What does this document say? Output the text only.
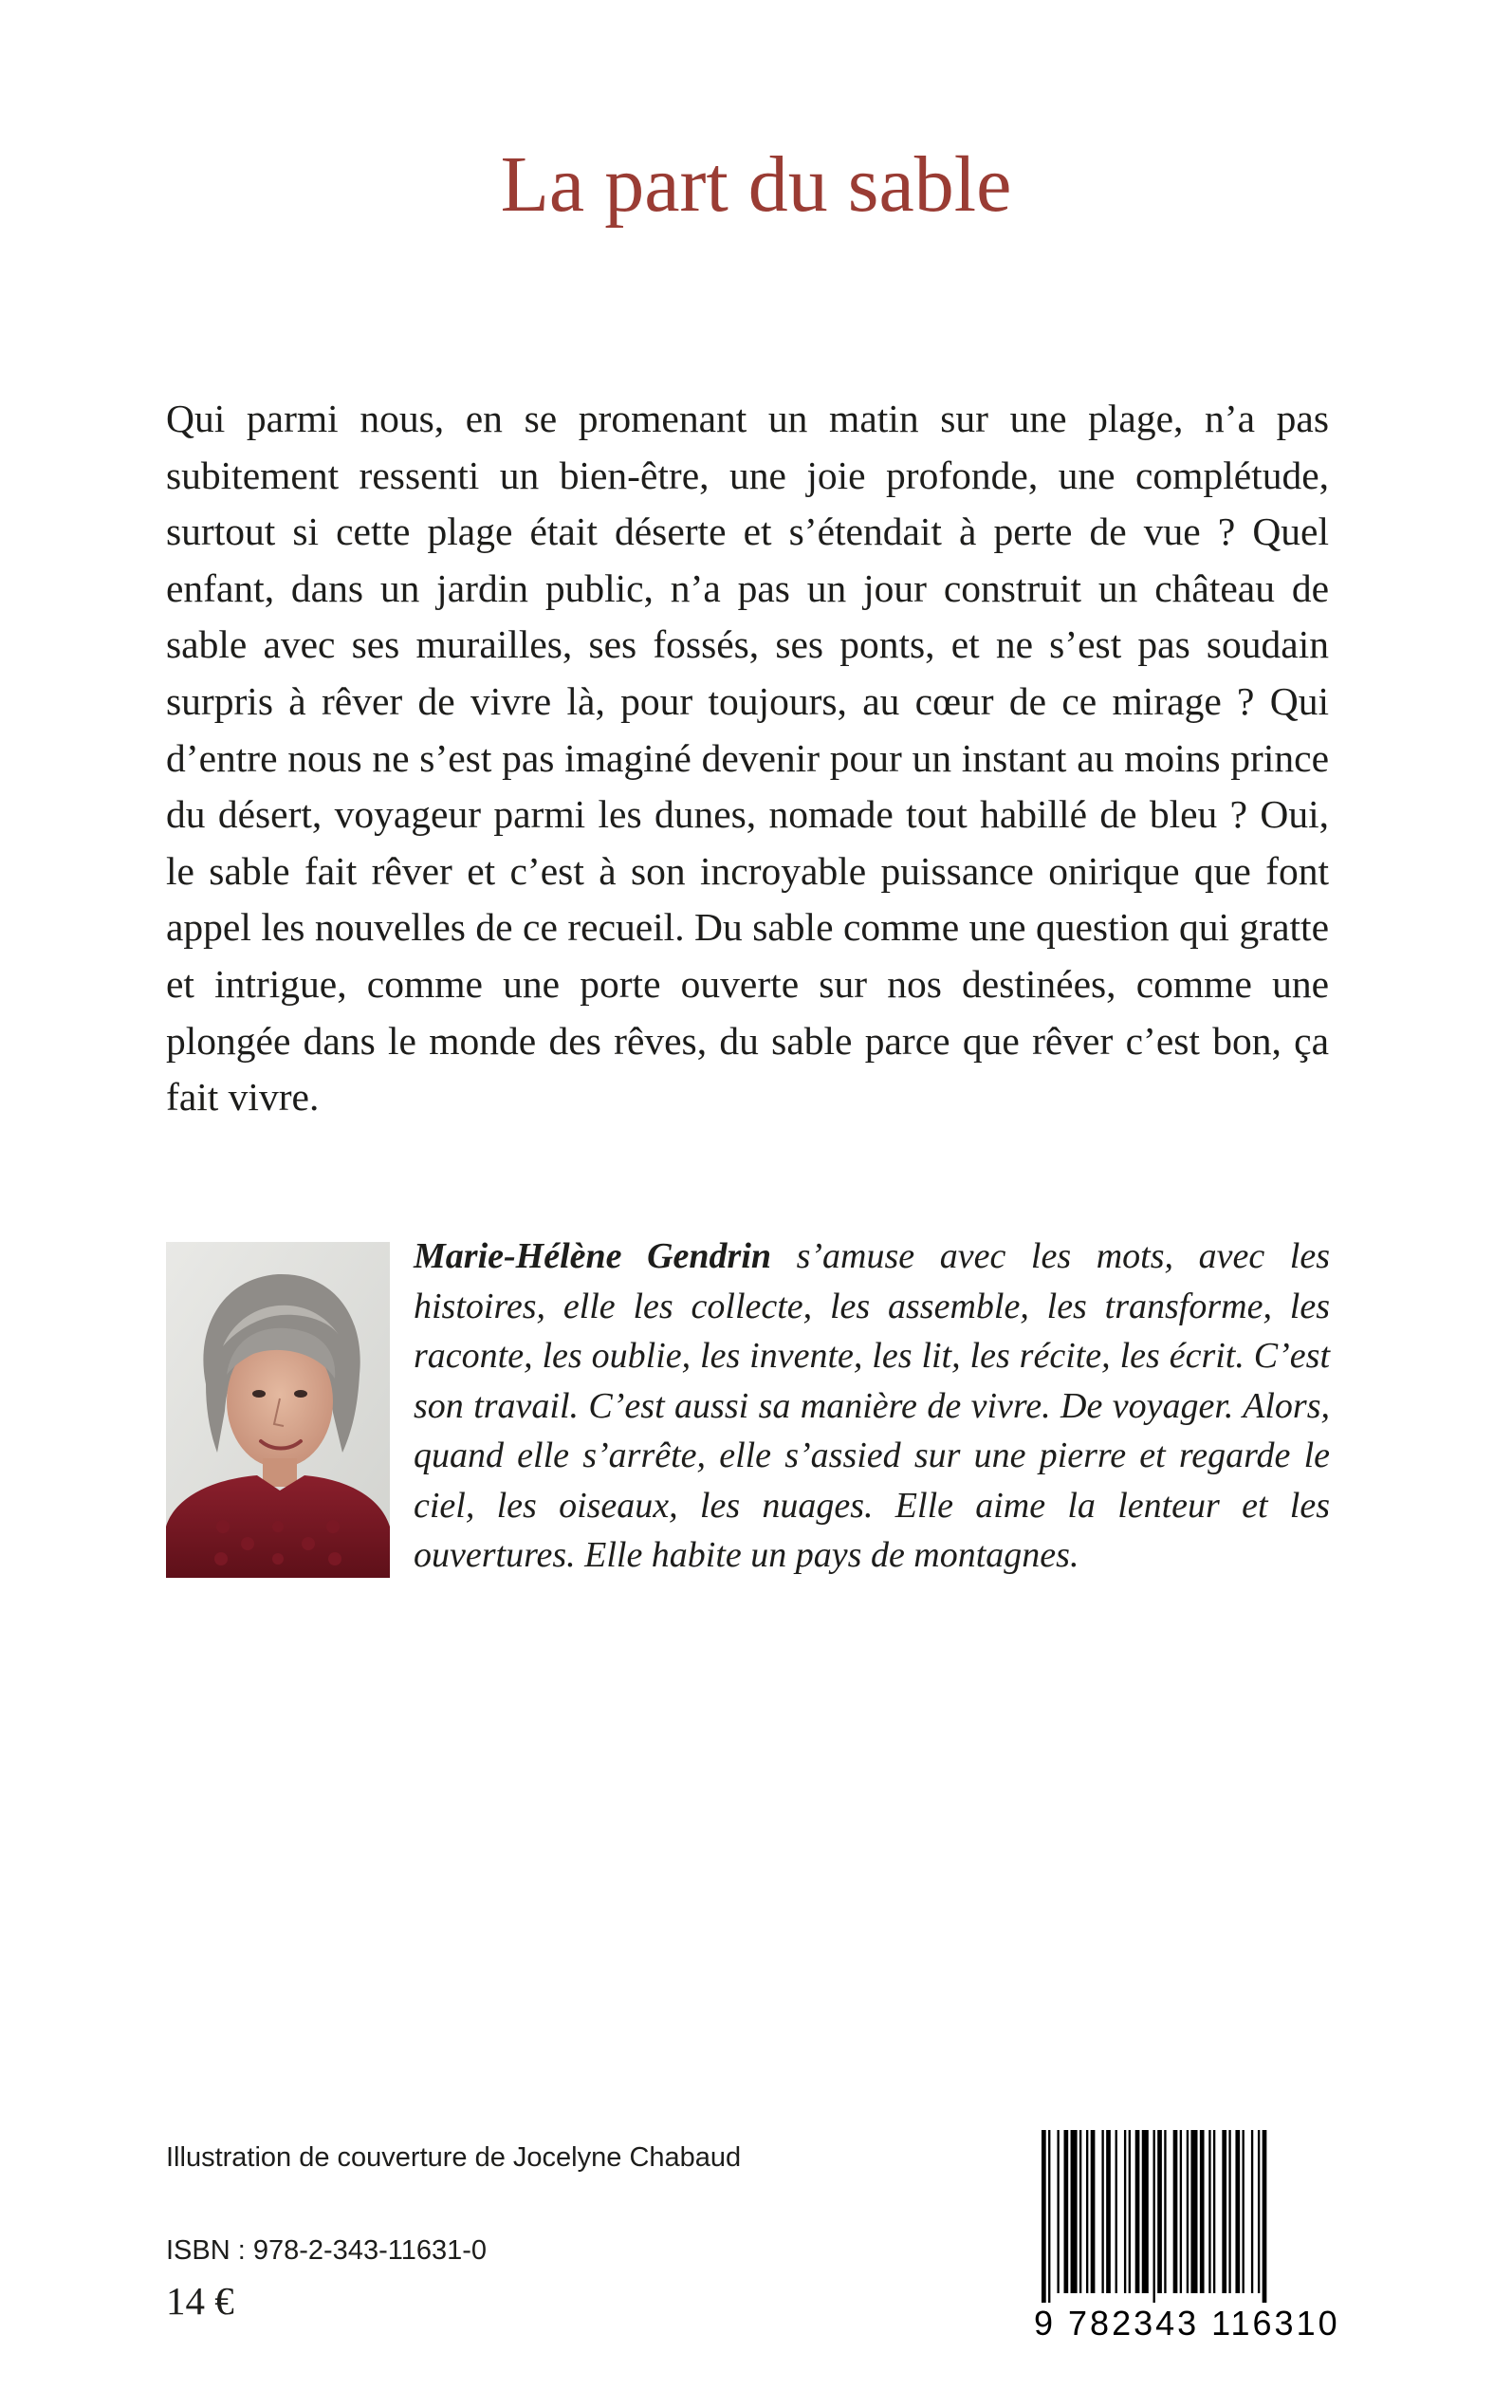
La part du sable

Qui parmi nous, en se promenant un matin sur une plage, n’a pas subitement ressenti un bien-être, une joie profonde, une complétude, surtout si cette plage était déserte et s’étendait à perte de vue ? Quel enfant, dans un jardin public, n’a pas un jour construit un château de sable avec ses murailles, ses fossés, ses ponts, et ne s’est pas soudain surpris à rêver de vivre là, pour toujours, au cœur de ce mirage ? Qui d’entre nous ne s’est pas imaginé devenir pour un instant au moins prince du désert, voyageur parmi les dunes, nomade tout habillé de bleu ? Oui, le sable fait rêver et c’est à son incroyable puissance onirique que font appel les nouvelles de ce recueil. Du sable comme une question qui gratte et intrigue, comme une porte ouverte sur nos destinées, comme une plongée dans le monde des rêves, du sable parce que rêver c’est bon, ça fait vivre.

Marie-Hélène Gendrin s’amuse avec les mots, avec les histoires, elle les collecte, les assemble, les transforme, les raconte, les oublie, les invente, les lit, les récite, les écrit. C’est son travail. C’est aussi sa manière de vivre. De voyager. Alors, quand elle s’arrête, elle s’assied sur une pierre et regarde le ciel, les oiseaux, les nuages. Elle aime la lenteur et les ouvertures. Elle habite un pays de montagnes.

Illustration de couverture de Jocelyne Chabaud

ISBN : 978-2-343-11631-0

14 €

9 782343 116310
